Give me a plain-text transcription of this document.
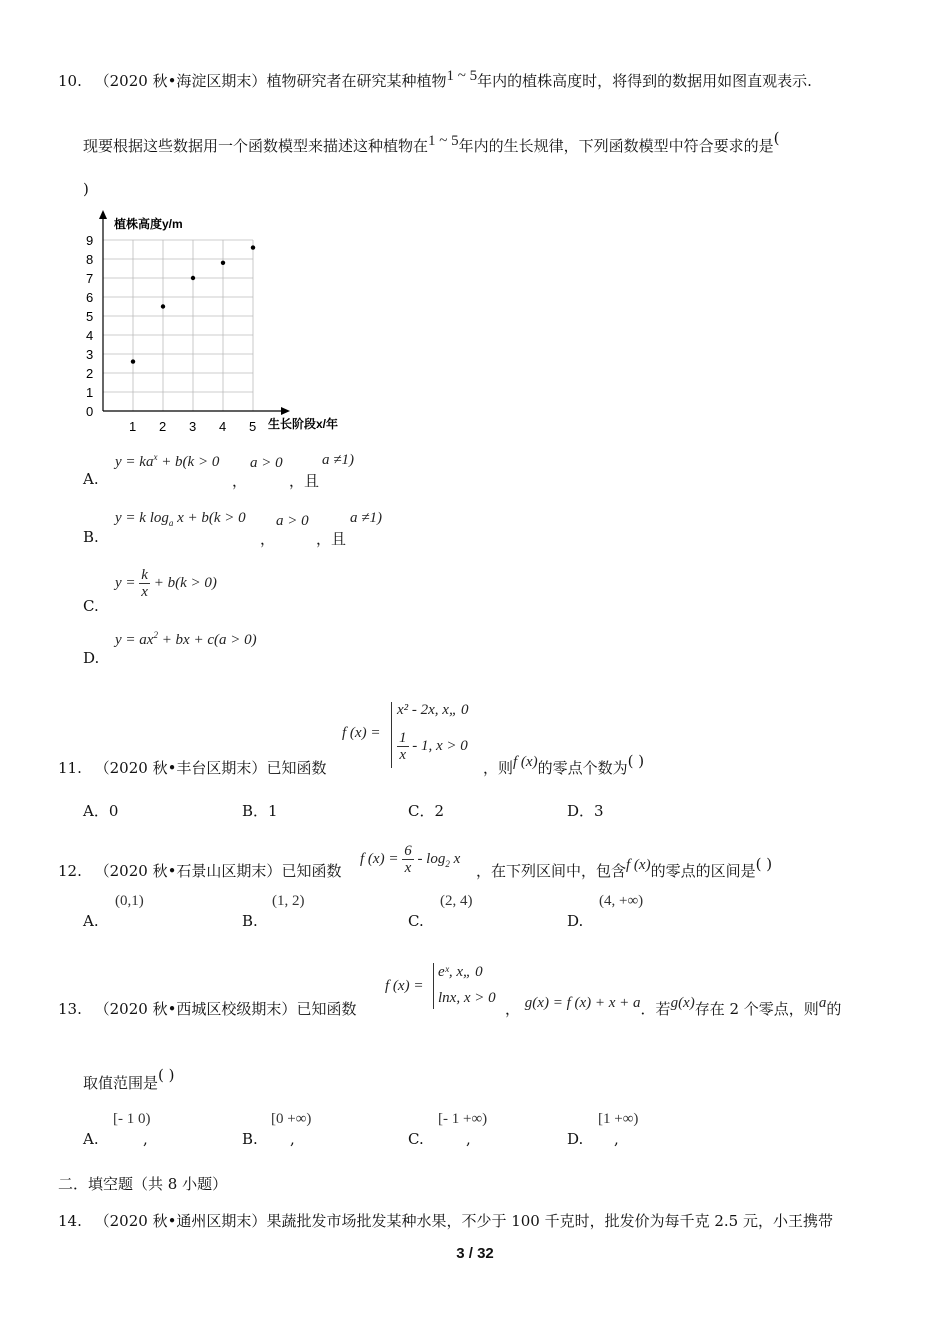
10. （2020 秋•海淀区期末）植物研究者在研究某种植物1 ~ 5年内的植株高度时，将得到的数据用如图直观表示.
现要根据这些数据用一个函数模型来描述这种植物在1 ~ 5年内的生长规律，下列函数模型中符合要求的是(
)
植株高度y/m
生长阶段x/年
0
1
2
3
4
5
6
7
8
9
1 2 3 4 5
A.
$y = ka^x + b(k > 0$
，
a > 0
，且
a ≠1)
B.
y = k $\log_a x + b(k > 0$
，
a > 0
，且
a ≠1)
C.
$y = \frac{k}{x} + b(k > 0)$
D.
$y = ax^2$ + bx + c(a > 0)
f (x) =
x² - 2x, x„ 0
$\frac{1}{x} - 1$, x > 0
11. （2020 秋•丰台区期末）已知函数	，则f (x)的零点个数为( )
A．0	B．1	C．2	D．3
f $(x) = \frac{6}{x} - \log_2 x$
12. （2020 秋•石景山区期末）已知函数	，在下列区间中，包含f (x)的零点的区间是( )
A.
(0,1)
B.
(1, 2)
C.
(2, 4)
D.
(4, +∞)
f (x) =
eˣ, x„ 0
lnx, x > 0
13. （2020 秋•西城区校级期末）已知函数	， g(x) = f (x) + x + a．若g(x)存在 2 个零点，则a的
取值范围是( )
A.
[- 1 0)
,	B.
[0 +∞)
,	C.
[- 1 +∞)
,	D.
[1 +∞)
,
二．填空题（共 8 小题）
14. （2020 秋•通州区期末）果蔬批发市场批发某种水果，不少于 100 千克时，批发价为每千克 2.5 元，小王携带
3 / 32
